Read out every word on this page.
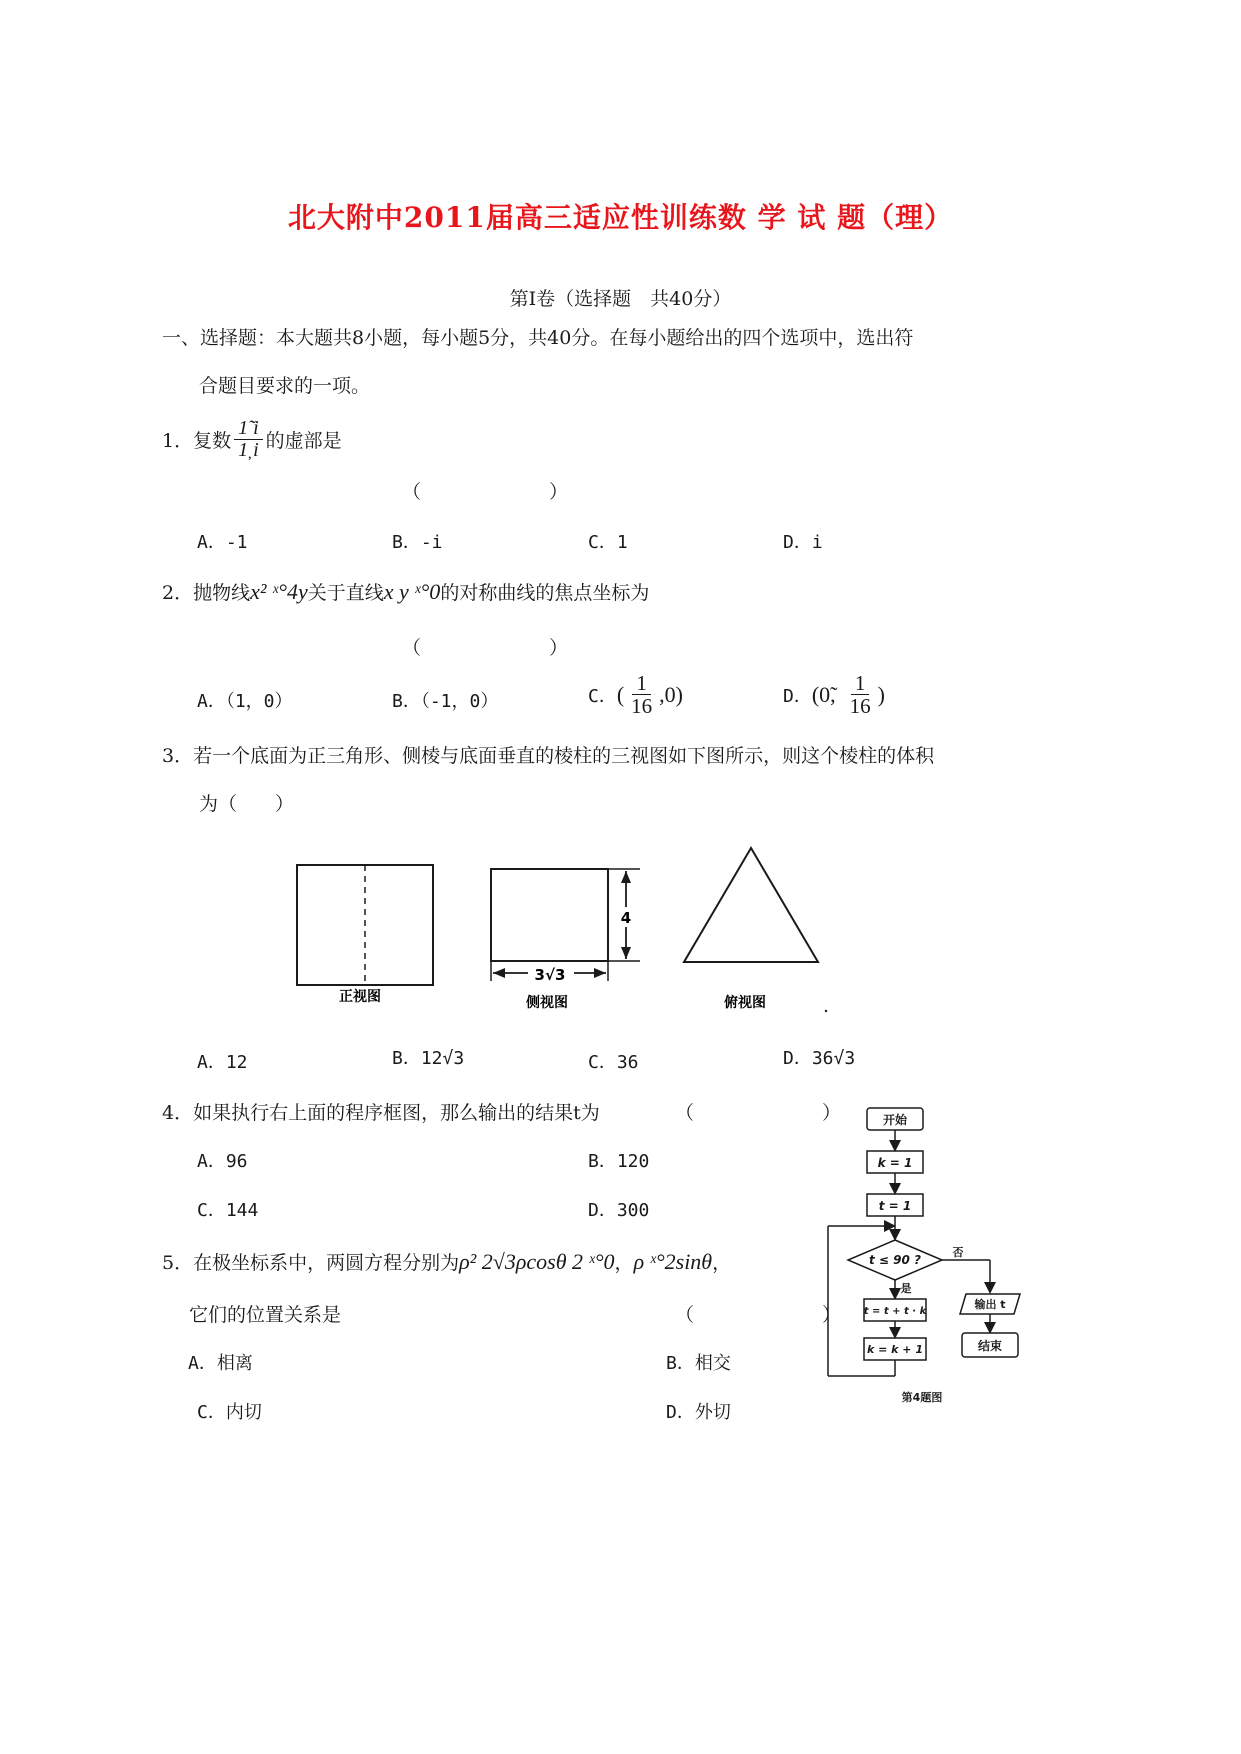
北大附中2011届高三适应性训练数 学 试 题（理）
第Ⅰ卷（选择题　共40分）
一、选择题：本大题共8小题，每小题5分，共40分。在每小题给出的四个选项中，选出符
合题目要求的一项。
1． 复数 $\frac{1̃ i}{1̦ i}$ 的虚部是
（　　）
A．-1	B．-i	C．1	D．i
2．抛物线x² ˣ°4y关于直线x y ˣ°0的对称曲线的焦点坐标为
（　　）
A．（1，0）	B．（-1，0）	C． ( $\frac{1}{16} ,0$)	D． (0̃, $\frac{1}{16}$ )
3．若一个底面为正三角形、侧棱与底面垂直的棱柱的三视图如下图所示，则这个棱柱的体积
为（　　）
4
3√3
正视图	侧视图	俯视图
A．12	B．12√3	C．36	D．36√3
4．如果执行右上面的程序框图，那么输出的结果t为	（　　）
A．96	B．120
C．144	D．300
开始
k = 1
t = 1
t ≤ 90 ?
否
是
t = t + t · k
k = k + 1
输出 t
结束
第4题图
5．在极坐标系中，两圆方程分别为ρ² 2√3ρcosθ 2 ˣ°0，ρ ˣ°2sinθ，
它们的位置关系是	（　　）
A．相离	B．相交
C．内切	D．外切
